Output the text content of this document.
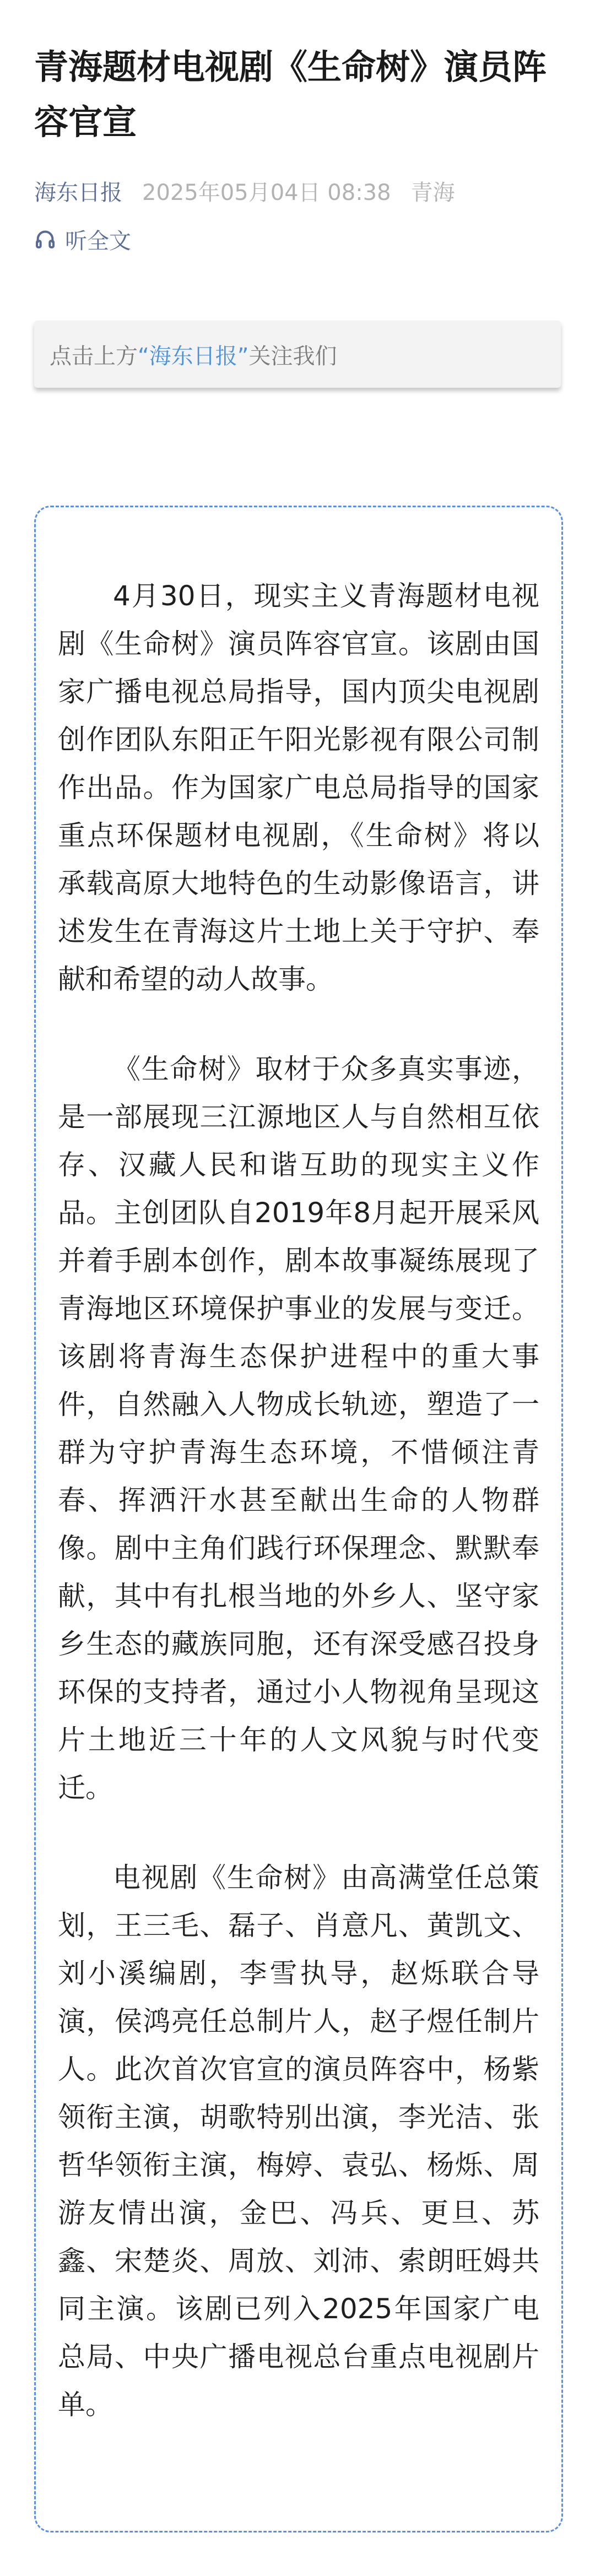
青海题材电视剧《生命树》演员阵容官宣
海东日报 2025年05月04日 08:38 青海
听全文
点击上方 “海东日报” 关注我们

4月30日，现实主义青海题材电视剧《生命树》演员阵容官宣。该剧由国家广播电视总局指导，国内顶尖电视剧创作团队东阳正午阳光影视有限公司制作出品。作为国家广电总局指导的国家重点环保题材电视剧，《生命树》将以承载高原大地特色的生动影像语言，讲述发生在青海这片土地上关于守护、奉献和希望的动人故事。

《生命树》取材于众多真实事迹，是一部展现三江源地区人与自然相互依存、汉藏人民和谐互助的现实主义作品。主创团队自2019年8月起开展采风并着手剧本创作，剧本故事凝练展现了青海地区环境保护事业的发展与变迁。该剧将青海生态保护进程中的重大事件，自然融入人物成长轨迹，塑造了一群为守护青海生态环境，不惜倾注青春、挥洒汗水甚至献出生命的人物群像。剧中主角们践行环保理念、默默奉献，其中有扎根当地的外乡人、坚守家乡生态的藏族同胞，还有深受感召投身环保的支持者，通过小人物视角呈现这片土地近三十年的人文风貌与时代变迁。

电视剧《生命树》由高满堂任总策划，王三毛、磊子、肖意凡、黄凯文、刘小溪编剧，李雪执导，赵烁联合导演，侯鸿亮任总制片人，赵子煜任制片人。此次首次官宣的演员阵容中，杨紫领衔主演，胡歌特别出演，李光洁、张哲华领衔主演，梅婷、袁弘、杨烁、周游友情出演，金巴、冯兵、更旦、苏鑫、宋楚炎、周放、刘沛、索朗旺姆共同主演。该剧已列入2025年国家广电总局、中央广播电视总台重点电视剧片单。
